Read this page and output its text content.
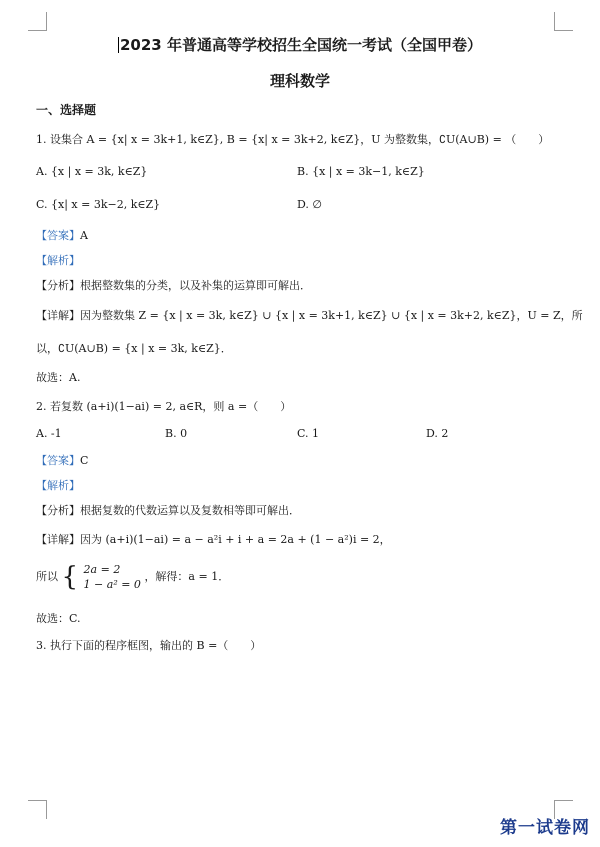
2023 年普通高等学校招生全国统一考试（全国甲卷）
理科数学
一、选择题
1. 设集合 A = {x| x = 3k+1, k∈Z}, B = {x| x = 3k+2, k∈Z}，U 为整数集，∁U(A∪B) = （　　）
A. {x | x = 3k, k∈Z}	B. {x | x = 3k−1, k∈Z}
C. {x| x = 3k−2, k∈Z}	D. ∅
【答案】A
【解析】
【分析】根据整数集的分类，以及补集的运算即可解出．
【详解】因为整数集 Z = {x | x = 3k, k∈Z} ∪ {x | x = 3k+1, k∈Z} ∪ {x | x = 3k+2, k∈Z}，U = Z，所
以，∁U(A∪B) = {x | x = 3k, k∈Z}．
故选：A.
2. 若复数 (a+i)(1−ai) = 2, a∈R，则 a =（　　）
A. -1	B. 0	C. 1	D. 2
【答案】C
【解析】
【分析】根据复数的代数运算以及复数相等即可解出．
【详解】因为 (a+i)(1−ai) = a − a²i + i + a = 2a + (1 − a²)i = 2，
所以 { 2a = 2
1 − a² = 0 ，解得：a = 1．
故选：C.
3. 执行下面的程序框图，输出的 B =（　　）
第一试卷网
